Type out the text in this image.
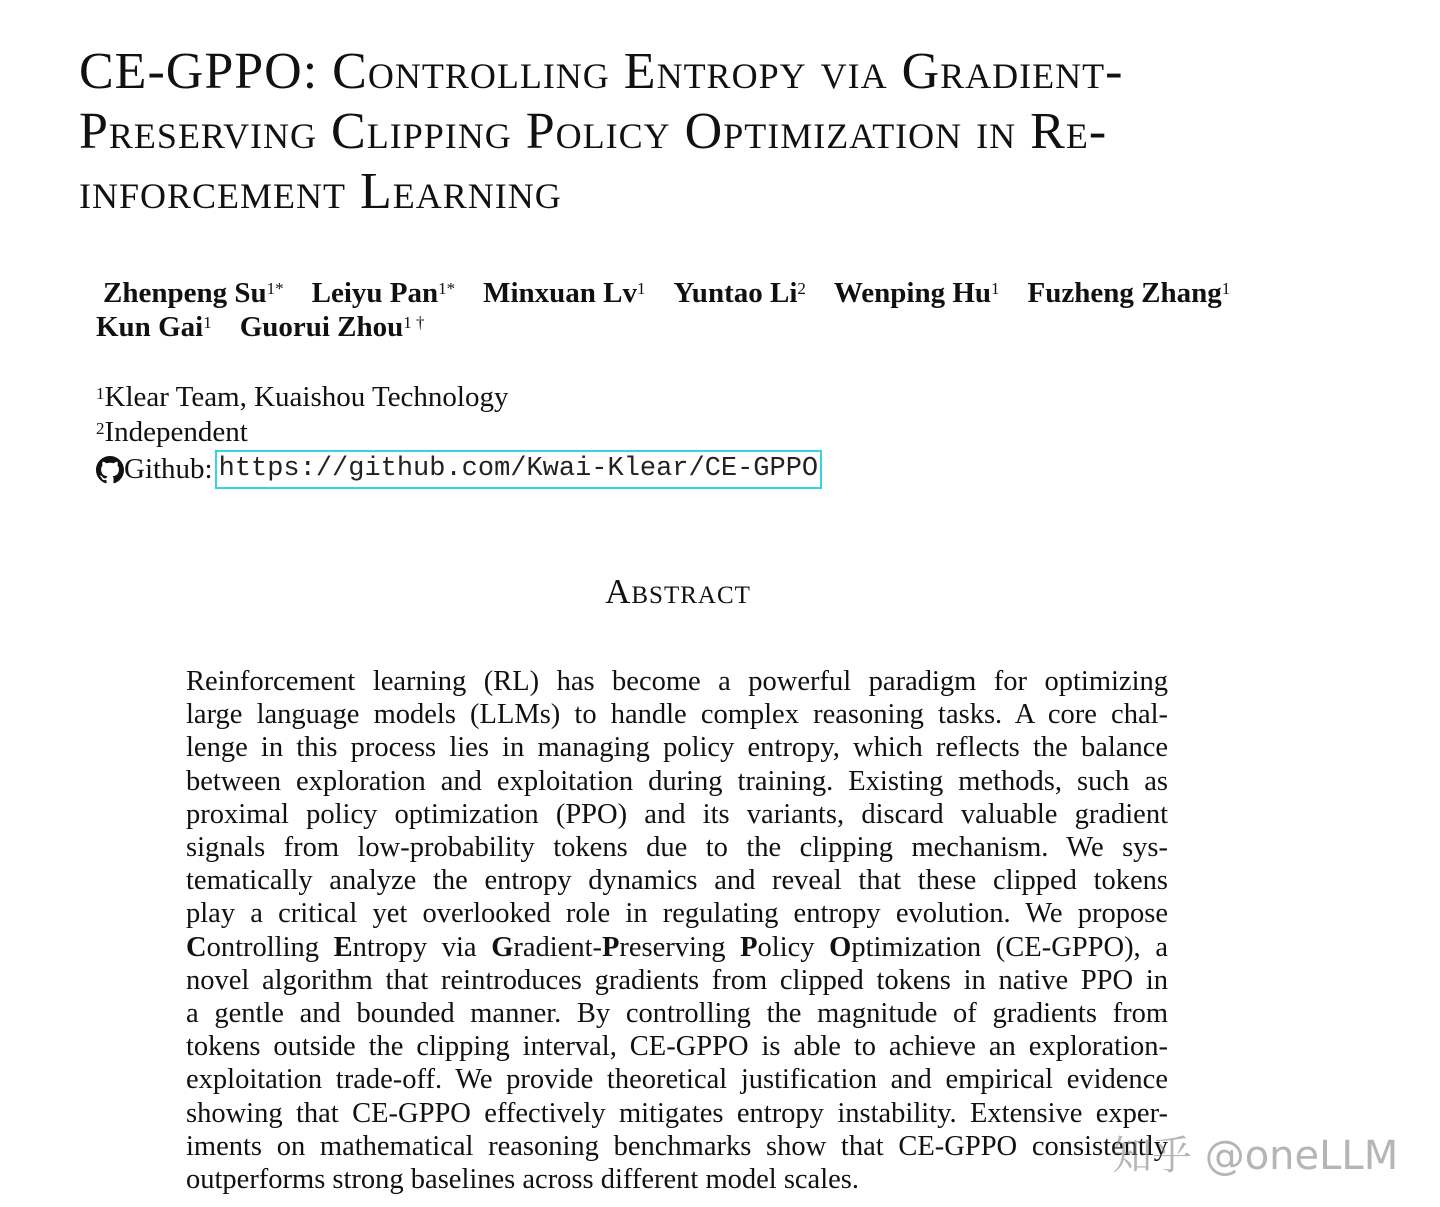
CE-GPPO: Controlling Entropy via Gradient-
Preserving Clipping Policy Optimization in Re-
inforcement Learning
Zhenpeng $Su^{1*}$ Leiyu Pan$^{1*}$ Minxuan Lv$^1$ Yuntao Li$^2$ Wenping Hu$^1$ Fuzheng Zhang$^1$
Kun Gai$^1$ Guorui Zhou$^{1 \dagger}$
$^1$Klear Team, Kuaishou Technology
$^2$Independent
Github: https://github.com/Kwai-Klear/CE-GPPO
Abstract
Reinforcement learning (RL) has become a powerful paradigm for optimizing
large language models (LLMs) to handle complex reasoning tasks. A core chal-
lenge in this process lies in managing policy entropy, which reflects the balance
between exploration and exploitation during training. Existing methods, such as
proximal policy optimization (PPO) and its variants, discard valuable gradient
signals from low-probability tokens due to the clipping mechanism. We sys-
tematically analyze the entropy dynamics and reveal that these clipped tokens
play a critical yet overlooked role in regulating entropy evolution. We propose
Controlling Entropy via Gradient-Preserving Policy Optimization (CE-GPPO), a
novel algorithm that reintroduces gradients from clipped tokens in native PPO in
a gentle and bounded manner. By controlling the magnitude of gradients from
tokens outside the clipping interval, CE-GPPO is able to achieve an exploration-
exploitation trade-off. We provide theoretical justification and empirical evidence
showing that CE-GPPO effectively mitigates entropy instability. Extensive exper-
iments on mathematical reasoning benchmarks show that CE-GPPO consistently
outperforms strong baselines across different model scales.
知乎 @oneLLM
